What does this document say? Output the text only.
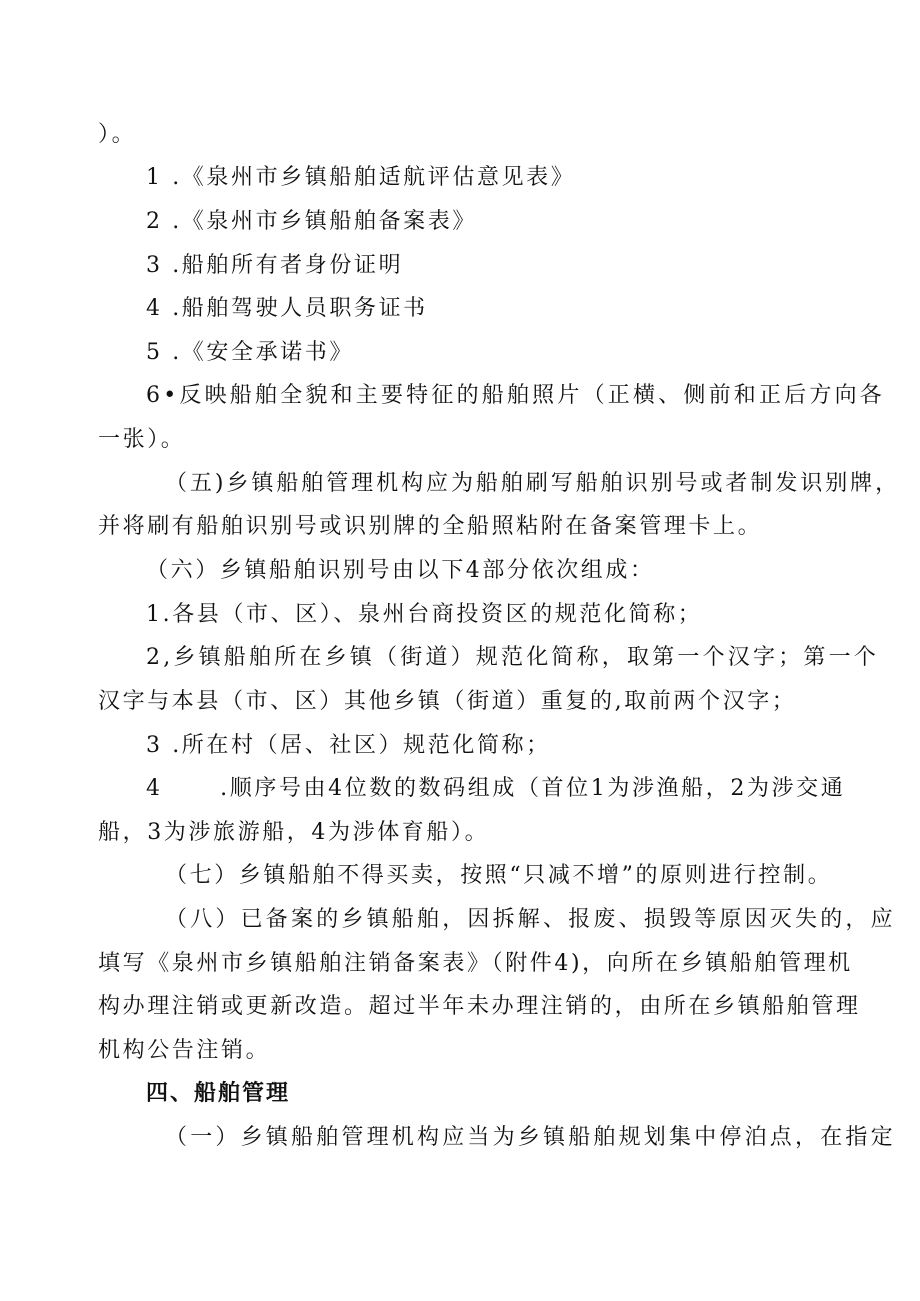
）。
1 .《泉州市乡镇船舶适航评估意见表》
2 .《泉州市乡镇船舶备案表》
3 .船舶所有者身份证明
4 .船舶驾驶人员职务证书
5 .《安全承诺书》
6•反映船舶全貌和主要特征的船舶照片（正横、侧前和正后方向各
一张）。
（五)乡镇船舶管理机构应为船舶刷写船舶识别号或者制发识别牌，
并将刷有船舶识别号或识别牌的全船照粘附在备案管理卡上。
（六）乡镇船舶识别号由以下4部分依次组成：
1.各县（市、区）、泉州台商投资区的规范化简称；
2,乡镇船舶所在乡镇（街道）规范化简称，取第一个汉字；第一个
汉字与本县（市、区）其他乡镇（街道）重复的,取前两个汉字；
3 .所在村（居、社区）规范化简称；
4      .顺序号由4位数的数码组成（首位1为涉渔船，2为涉交通
船，3为涉旅游船，4为涉体育船）。
（七）乡镇船舶不得买卖，按照“只减不增”的原则进行控制。
（八）已备案的乡镇船舶，因拆解、报废、损毁等原因灭失的，应
填写《泉州市乡镇船舶注销备案表》（附件4)，向所在乡镇船舶管理机
构办理注销或更新改造。超过半年未办理注销的，由所在乡镇船舶管理
机构公告注销。
四、船舶管理
（一）乡镇船舶管理机构应当为乡镇船舶规划集中停泊点，在指定
